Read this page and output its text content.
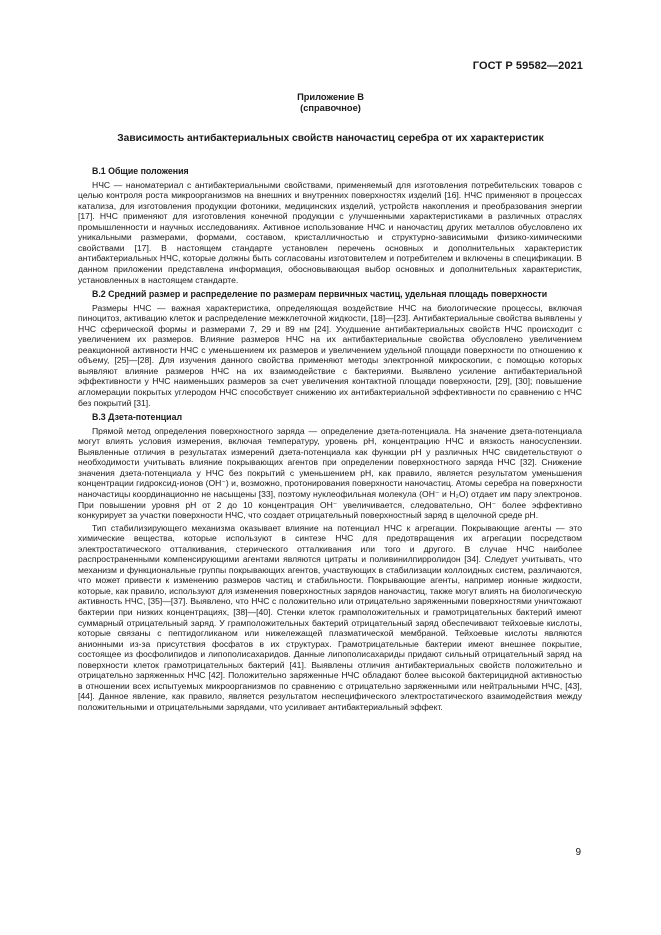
ГОСТ Р 59582—2021
Приложение В
(справочное)
Зависимость антибактериальных свойств наночастиц серебра от их характеристик
В.1 Общие положения

НЧС — наноматериал с антибактериальными свойствами, применяемый для изготовления потребительских товаров с целью контроля роста микроорганизмов на внешних и внутренних поверхностях изделий [16]. НЧС применяют в процессах катализа, для изготовления продукции фотоники, медицинских изделий, устройств накопления и преобразования энергии [17]. НЧС применяют для изготовления конечной продукции с улучшенными характеристиками в различных отраслях промышленности и научных исследованиях. Активное использование НЧС и наночастиц других металлов обусловлено их уникальными размерами, формами, составом, кристалличностью и структурно-зависимыми физико-химическими свойствами [17]. В настоящем стандарте установлен перечень основных и дополнительных характеристик антибактериальных НЧС, которые должны быть согласованы изготовителем и потребителем и включены в спецификации. В данном приложении представлена информация, обосновывающая выбор основных и дополнительных характеристик, установленных в настоящем стандарте.

В.2 Средний размер и распределение по размерам первичных частиц, удельная площадь поверхности

Размеры НЧС — важная характеристика, определяющая воздействие НЧС на биологические процессы, включая пиноцитоз, активацию клеток и распределение межклеточной жидкости, [18]—[23]. Антибактериальные свойства выявлены у НЧС сферической формы и размерами 7, 29 и 89 нм [24]. Ухудшение антибактериальных свойств НЧС происходит с увеличением их размеров. Влияние размеров НЧС на их антибактериальные свойства обусловлено увеличением реакционной активности НЧС с уменьшением их размеров и увеличением удельной площади поверхности по отношению к объему, [25]—[28]. Для изучения данного свойства применяют методы электронной микроскопии, с помощью которых выявляют влияние размеров НЧС на их взаимодействие с бактериями. Выявлено усиление антибактериальной эффективности у НЧС наименьших размеров за счет увеличения контактной площади поверхности, [29], [30]; повышение агломерации покрытых углеродом НЧС способствует снижению их антибактериальной эффективности по сравнению с НЧС без покрытий [31].

В.3 Дзета-потенциал

Прямой метод определения поверхностного заряда — определение дзета-потенциала. На значение дзета-потенциала могут влиять условия измерения, включая температуру, уровень pH, концентрацию НЧС и вязкость наносуспензии. Выявленные отличия в результатах измерений дзета-потенциала как функции pH у различных НЧС свидетельствуют о необходимости учитывать влияние покрывающих агентов при определении поверхностного заряда НЧС [32]. Снижение значения дзета-потенциала у НЧС без покрытий с уменьшением pH, как правило, является результатом уменьшения концентрации гидроксид-ионов (OH⁻) и, возможно, протонирования поверхности наночастиц. Атомы серебра на поверхности наночастицы координационно не насыщены [33], поэтому нуклеофильная молекула (OH⁻ и H₂O) отдает им пару электронов. При повышении уровня pH от 2 до 10 концентрация OH⁻ увеличивается, следовательно, OH⁻ более эффективно конкурирует за участки поверхности НЧС, что создает отрицательный поверхностный заряд в щелочной среде pH.

Тип стабилизирующего механизма оказывает влияние на потенциал НЧС к агрегации. Покрывающие агенты — это химические вещества, которые используют в синтезе НЧС для предотвращения их агрегации посредством электростатического отталкивания, стерического отталкивания или того и другого. В случае НЧС наиболее распространенными компенсирующими агентами являются цитраты и поливинилпирролидон [34]. Следует учитывать, что механизм и функциональные группы покрывающих агентов, участвующих в стабилизации коллоидных систем, различаются, что может привести к изменению размеров частиц и стабильности. Покрывающие агенты, например ионные жидкости, которые, как правило, используют для изменения поверхностных зарядов наночастиц, также могут влиять на биологическую активность НЧС, [35]—[37]. Выявлено, что НЧС с положительно или отрицательно заряженными поверхностями уничтожают бактерии при низких концентрациях, [38]—[40]. Стенки клеток грамположительных и грамотрицательных бактерий имеют суммарный отрицательный заряд. У грамположительных бактерий отрицательный заряд обеспечивают тейхоевые кислоты, которые связаны с пептидогликаном или нижележащей плазматической мембраной. Тейхоевые кислоты являются анионными из-за присутствия фосфатов в их структурах. Грамотрицательные бактерии имеют внешнее покрытие, состоящее из фосфолипидов и липополисахаридов. Данные липополисахариды придают сильный отрицательный заряд на поверхности клеток грамотрицательных бактерий [41]. Выявлены отличия антибактериальных свойств положительно и отрицательно заряженных НЧС [42]. Положительно заряженные НЧС обладают более высокой бактерицидной активностью в отношении всех испытуемых микроорганизмов по сравнению с отрицательно заряженными или нейтральными НЧС, [43], [44]. Данное явление, как правило, является результатом неспецифического электростатического взаимодействия между положительными и отрицательными зарядами, что усиливает антибактериальный эффект.

9
